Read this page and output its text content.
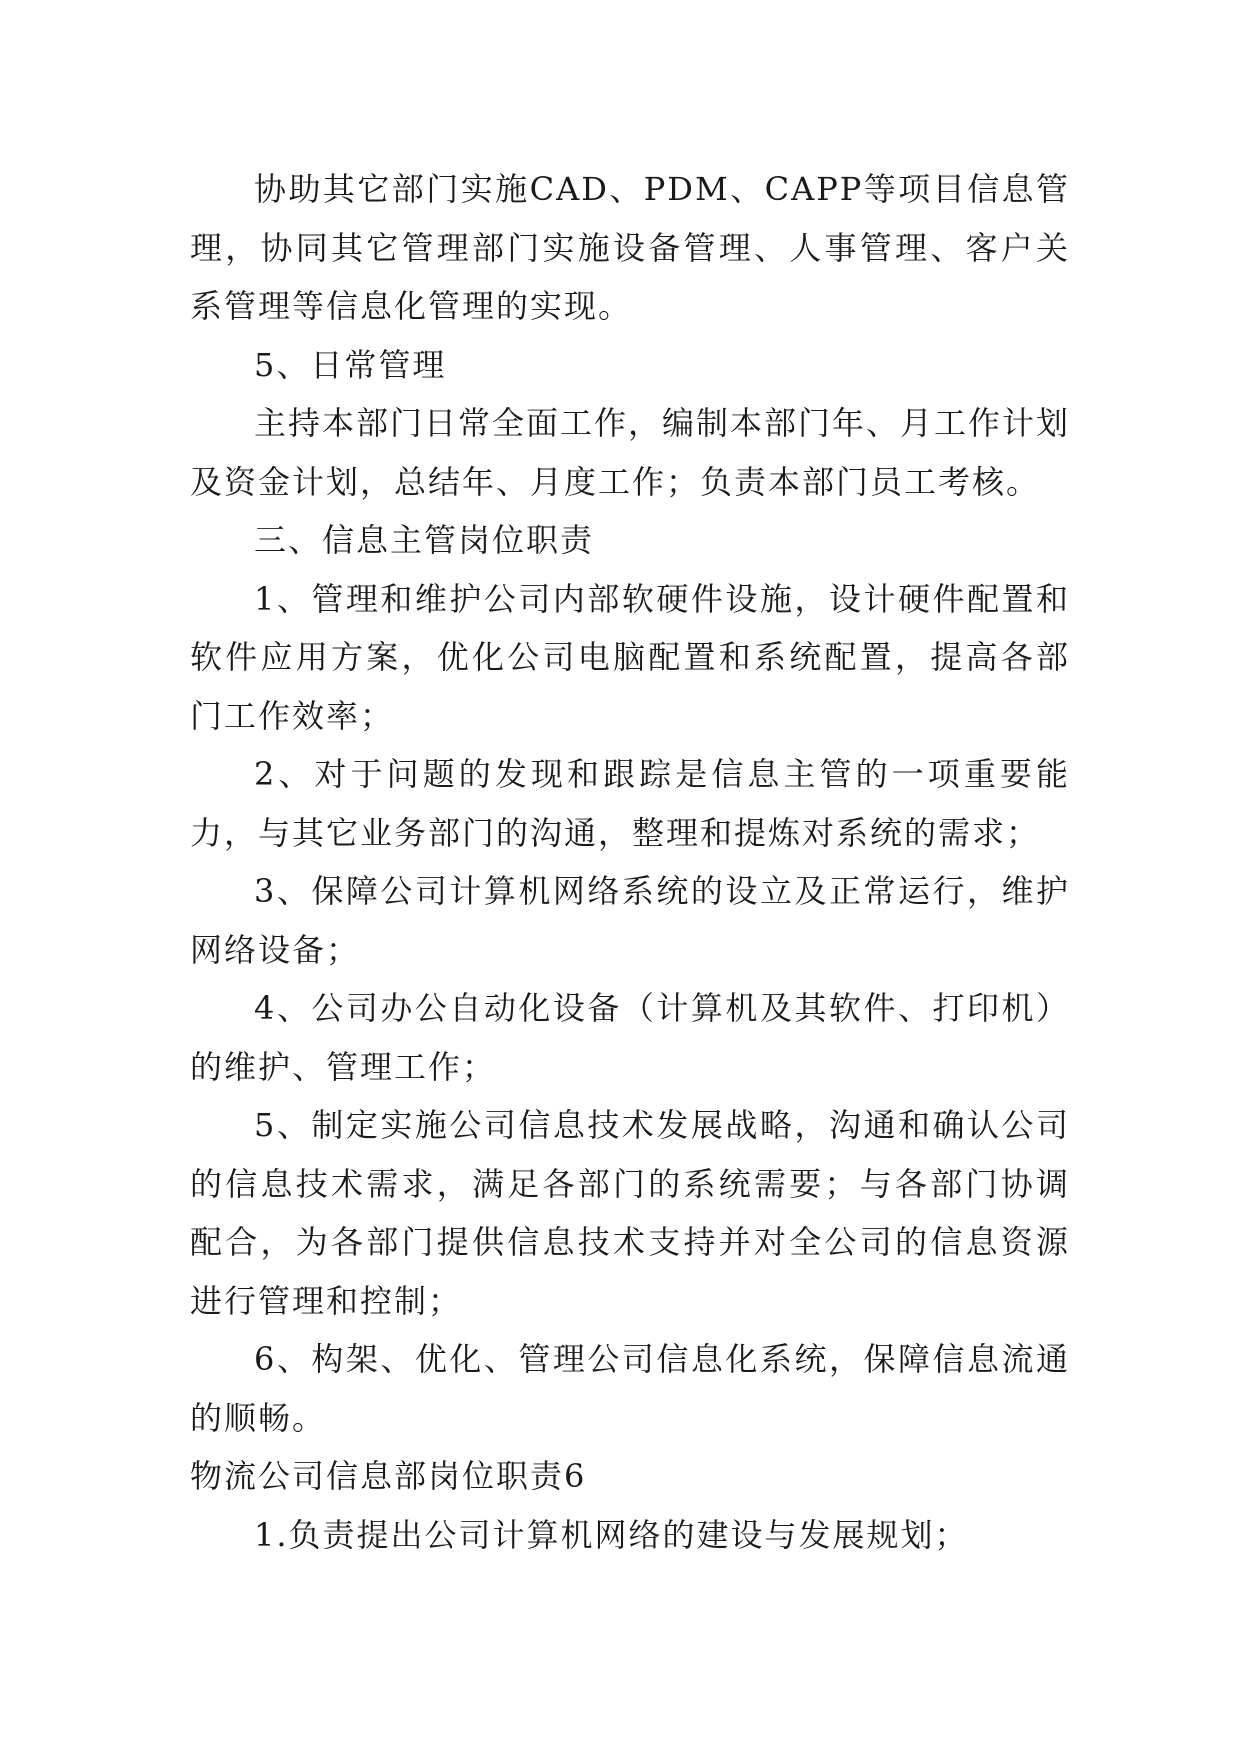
协助其它部门实施CAD、PDM、CAPP等项目信息管理，协同其它管理部门实施设备管理、人事管理、客户关系管理等信息化管理的实现。

5、日常管理

主持本部门日常全面工作，编制本部门年、月工作计划及资金计划，总结年、月度工作；负责本部门员工考核。

三、信息主管岗位职责

1、管理和维护公司内部软硬件设施，设计硬件配置和软件应用方案，优化公司电脑配置和系统配置，提高各部门工作效率；

2、对于问题的发现和跟踪是信息主管的一项重要能力，与其它业务部门的沟通，整理和提炼对系统的需求；

3、保障公司计算机网络系统的设立及正常运行，维护网络设备；

4、公司办公自动化设备（计算机及其软件、打印机）的维护、管理工作；

5、制定实施公司信息技术发展战略，沟通和确认公司的信息技术需求，满足各部门的系统需要；与各部门协调配合，为各部门提供信息技术支持并对全公司的信息资源进行管理和控制；

6、构架、优化、管理公司信息化系统，保障信息流通的顺畅。

物流公司信息部岗位职责6

1.负责提出公司计算机网络的建设与发展规划；
